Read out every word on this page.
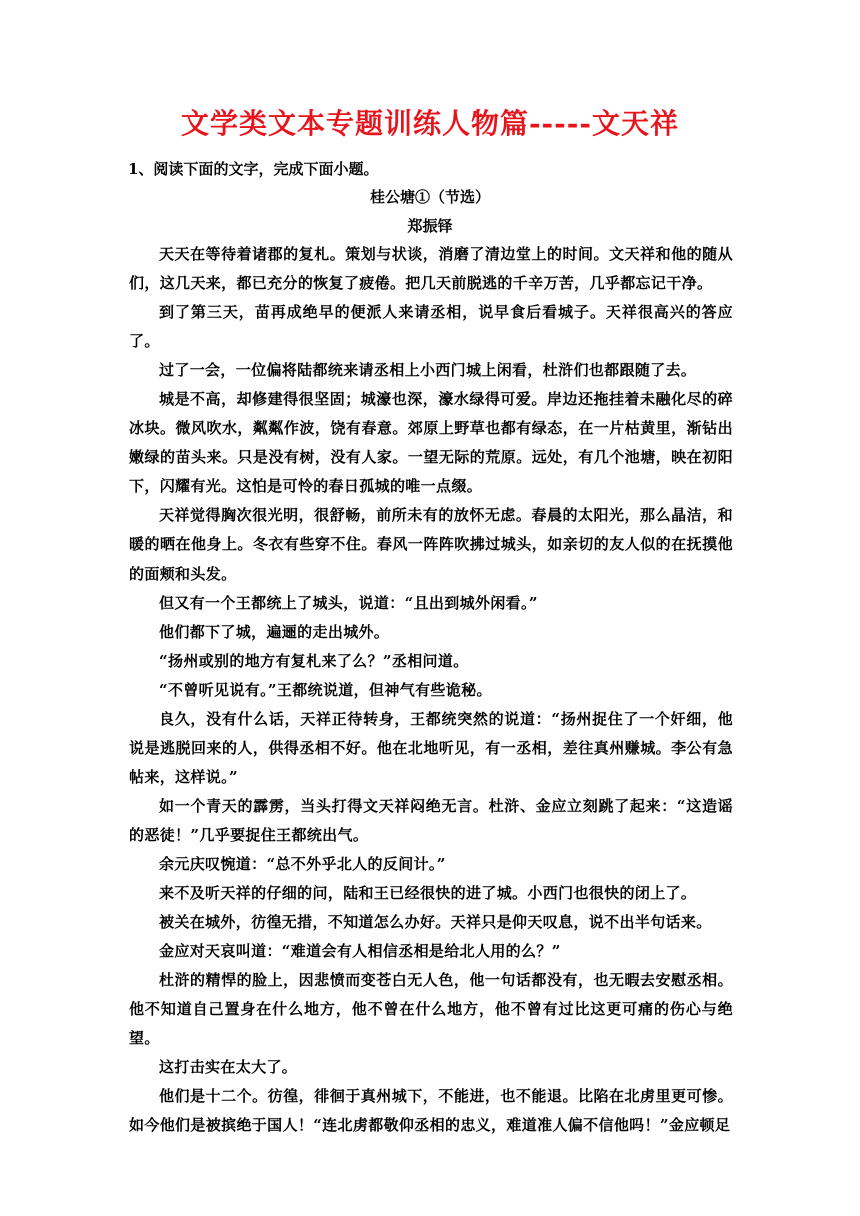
文学类文本专题训练人物篇-----文天祥
1、阅读下面的文字，完成下面小题。
桂公塘①（节选）
郑振铎

天天在等待着诸郡的复札。策划与状谈，消磨了清边堂上的时间。文天祥和他的随从们，这几天来，都已充分的恢复了疲倦。把几天前脱逃的千辛万苦，几乎都忘记干净。

到了第三天，苗再成绝早的便派人来请丞相，说早食后看城子。天祥很高兴的答应了。

过了一会，一位偏将陆都统来请丞相上小西门城上闲看，杜浒们也都跟随了去。

城是不高，却修建得很坚固；城濠也深，濠水绿得可爱。岸边还拖挂着未融化尽的碎冰块。微风吹水，粼粼作波，饶有春意。郊原上野草也都有绿态，在一片枯黄里，渐钻出嫩绿的苗头来。只是没有树，没有人家。一望无际的荒原。远处，有几个池塘，映在初阳下，闪耀有光。这怕是可怜的春日孤城的唯一点缀。

天祥觉得胸次很光明，很舒畅，前所未有的放怀无虑。春晨的太阳光，那么晶洁，和暖的晒在他身上。冬衣有些穿不住。春风一阵阵吹拂过城头，如亲切的友人似的在抚摸他的面颊和头发。

但又有一个王都统上了城头，说道：“且出到城外闲看。”

他们都下了城，遍逦的走出城外。

“扬州或别的地方有复札来了么？”丞相问道。

“不曾听见说有。”王都统说道，但神气有些诡秘。

良久，没有什么话，天祥正待转身，王都统突然的说道：“扬州捉住了一个奸细，他说是逃脱回来的人，供得丞相不好。他在北地听见，有一丞相，差往真州赚城。李公有急帖来，这样说。”

如一个青天的霹雳，当头打得文天祥闷绝无言。杜浒、金应立刻跳了起来：“这造谣的恶徒！”几乎要捉住王都统出气。

余元庆叹惋道：“总不外乎北人的反间计。”

来不及听天祥的仔细的问，陆和王已经很快的进了城。小西门也很快的闭上了。

被关在城外，彷徨无措，不知道怎么办好。天祥只是仰天叹息，说不出半句话来。

金应对天哀叫道：“难道会有人相信丞相是给北人用的么？”

杜浒的精悍的脸上，因悲愤而变苍白无人色，他一句话都没有，也无暇去安慰丞相。他不知道自己置身在什么地方，他不曾在什么地方，他不曾有过比这更可痛的伤心与绝望。

这打击实在太大了。

他们是十二个。彷徨，徘徊于真州城下，不能进，也不能退。比陷在北虏里更可惨。如今他们是被摈绝于国人！“连北虏都敬仰丞相的忠义，难道准人偏不信他吗！”金应顿足
